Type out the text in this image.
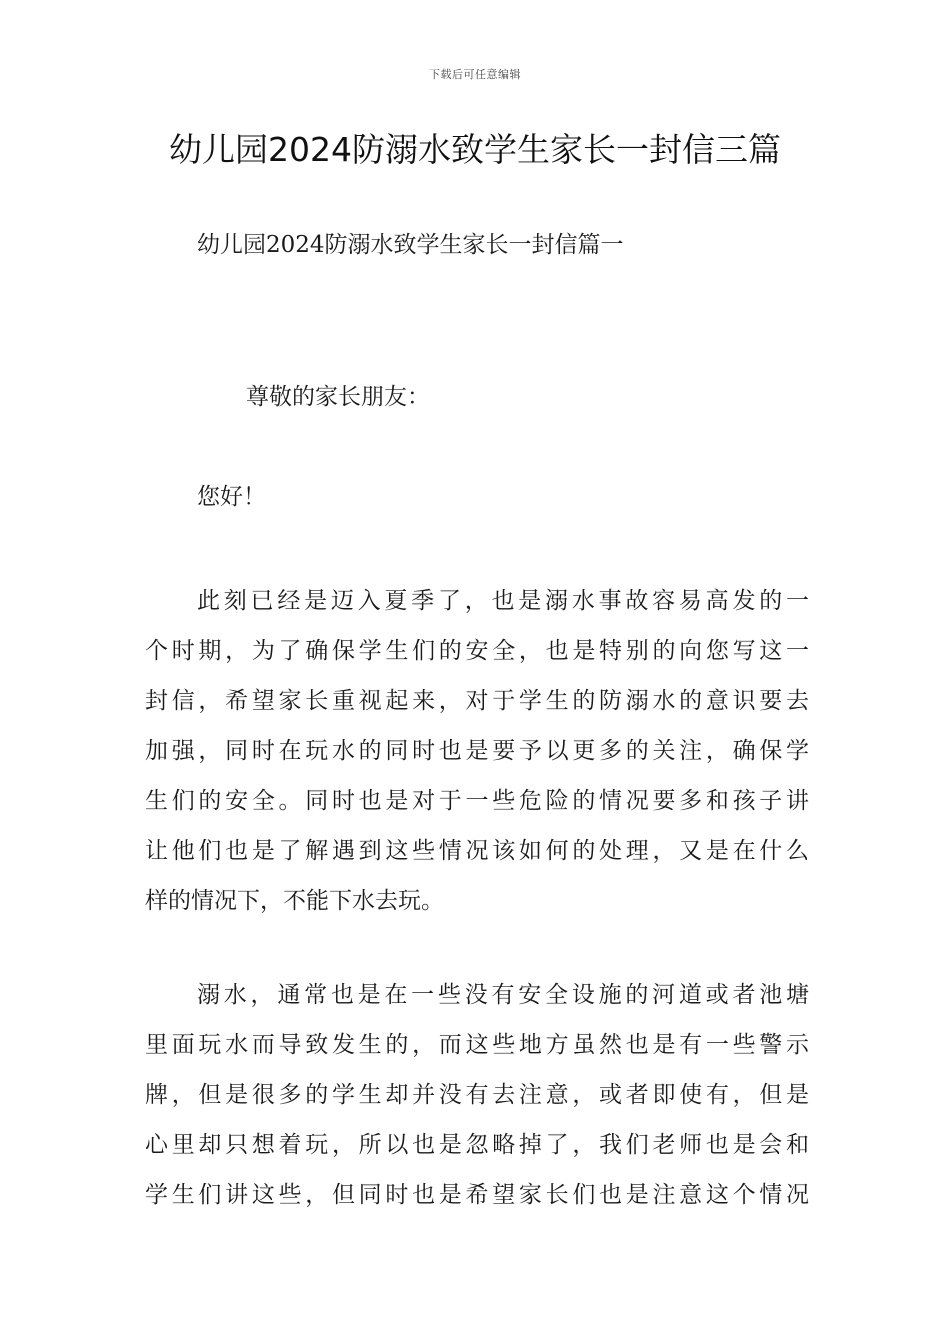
下载后可任意编辑
幼儿园2024防溺水致学生家长一封信三篇
幼儿园2024防溺水致学生家长一封信篇一
尊敬的家长朋友：
您好！
此刻已经是迈入夏季了，也是溺水事故容易高发的一
个时期，为了确保学生们的安全，也是特别的向您写这一
封信，希望家长重视起来，对于学生的防溺水的意识要去
加强，同时在玩水的同时也是要予以更多的关注，确保学
生们的安全。同时也是对于一些危险的情况要多和孩子讲
让他们也是了解遇到这些情况该如何的处理，又是在什么
样的情况下，不能下水去玩。
溺水，通常也是在一些没有安全设施的河道或者池塘
里面玩水而导致发生的，而这些地方虽然也是有一些警示
牌，但是很多的学生却并没有去注意，或者即使有，但是
心里却只想着玩，所以也是忽略掉了，我们老师也是会和
学生们讲这些，但同时也是希望家长们也是注意这个情况
